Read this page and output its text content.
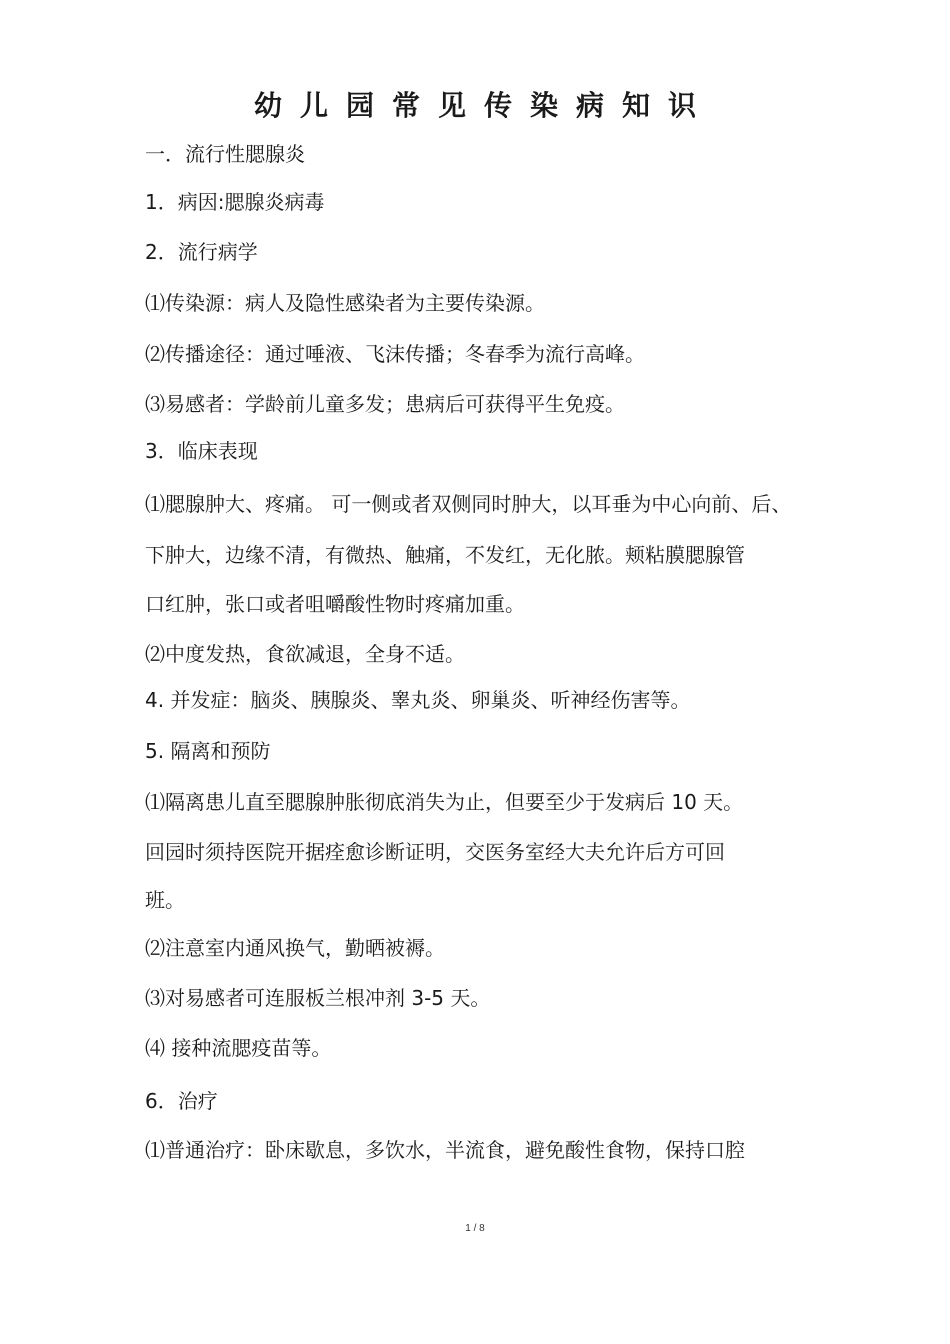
幼儿园常见传染病知识
一．流行性腮腺炎
1．病因:腮腺炎病毒
2．流行病学
⑴传染源：病人及隐性感染者为主要传染源。
⑵传播途径：通过唾液、飞沫传播；冬春季为流行高峰。
⑶易感者：学龄前儿童多发；患病后可获得平生免疫。
3．临床表现
⑴腮腺肿大、疼痛。 可一侧或者双侧同时肿大，以耳垂为中心向前、后、
下肿大，边缘不清，有微热、触痛，不发红，无化脓。颊粘膜腮腺管
口红肿，张口或者咀嚼酸性物时疼痛加重。
⑵中度发热，食欲减退，全身不适。
4. 并发症：脑炎、胰腺炎、睾丸炎、卵巢炎、听神经伤害等。
5. 隔离和预防
⑴隔离患儿直至腮腺肿胀彻底消失为止，但要至少于发病后 10 天。
回园时须持医院开据痊愈诊断证明，交医务室经大夫允许后方可回
班。
⑵注意室内通风换气，勤晒被褥。
⑶对易感者可连服板兰根冲剂 3-5 天。
⑷ 接种流腮疫苗等。
6．治疗
⑴普通治疗：卧床歇息，多饮水，半流食，避免酸性食物，保持口腔
1 / 8
